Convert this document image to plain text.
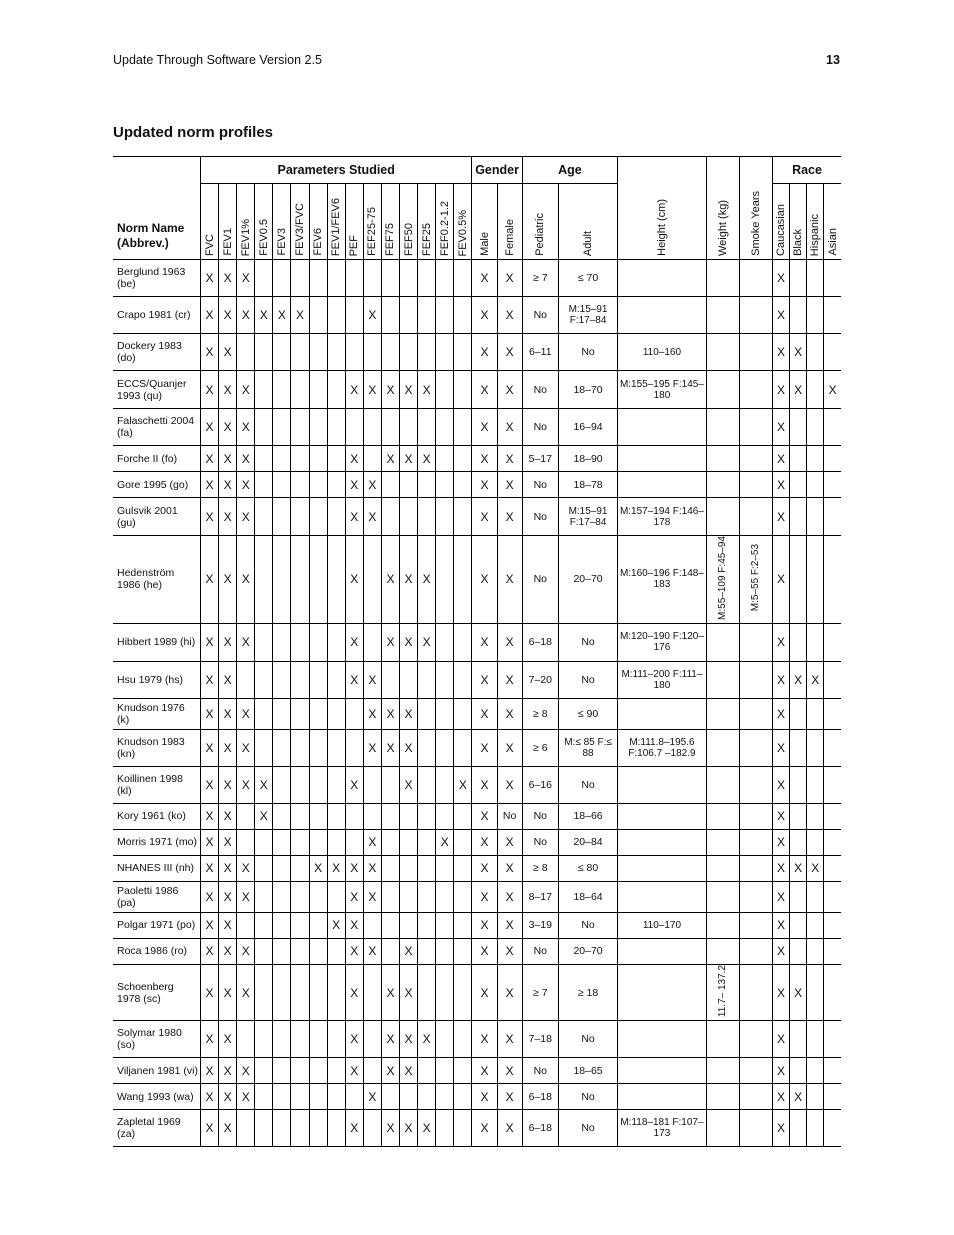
Update Through Software Version 2.5	13
Updated norm profiles
Norm Name (Abbrev.)	Parameters Studied															Gender		Age					Race			
	FVC	FEV1	FEV1%	FEV0.5	FEV3	FEV3/FVC	FEV6	FEV1/FEV6	PEF	FEF25-75	FEF75	FEF50	FEF25	FEF0.2-1.2	FEV0.5%	Male	Female	Pediatric	Adult	Height (cm)	Weight (kg)	Smoke Years	Caucasian	Black	Hispanic	Asian
Berglund 1963 (be)	X	X	X													X	X	≥ 7	≤ 70				X			
Crapo 1981 (cr)	X	X	X	X	X	X				X						X	X	No	M:15–91 F:17–84				X			
Dockery 1983 (do)	X	X														X	X	6–11	No	110–160			X	X		
ECCS/Quanjer 1993 (qu)	X	X	X						X	X	X	X	X			X	X	No	18–70	M:155–195 F:145–180			X	X		X
Falaschetti 2004 (fa)	X	X	X													X	X	No	16–94				X			
Forche II (fo)	X	X	X						X		X	X	X			X	X	5–17	18–90				X			
Gore 1995 (go)	X	X	X						X	X						X	X	No	18–78				X			
Gulsvik 2001 (gu)	X	X	X						X	X						X	X	No	M:15–91 F:17–84	M:157–194 F:146–178			X			
Hedenström 1986 (he)	X	X	X						X		X	X	X			X	X	No	20–70	M:160–196 F:148–183	M:55–109 F:45–94	M:5–55 F:2–53	X			
Hibbert 1989 (hi)	X	X	X						X		X	X	X			X	X	6–18	No	M:120–190 F:120–176			X			
Hsu 1979 (hs)	X	X							X	X						X	X	7–20	No	M:111–200 F:111–180			X	X	X	
Knudson 1976 (k)	X	X	X							X	X	X				X	X	≥ 8	≤ 90				X			
Knudson 1983 (kn)	X	X	X							X	X	X				X	X	≥ 6	M:≤ 85 F:≤ 88	M:111.8–195.6 F:106.7 –182.9			X			
Koillinen 1998 (kl)	X	X	X	X					X			X			X	X	X	6–16	No				X			
Kory 1961 (ko)	X	X		X												X	No	No	18–66				X			
Morris 1971 (mo)	X	X								X				X		X	X	No	20–84				X			
NHANES III (nh)	X	X	X				X	X	X	X						X	X	≥ 8	≤ 80				X	X	X	
Paoletti 1986 (pa)	X	X	X						X	X						X	X	8–17	18–64				X			
Polgar 1971 (po)	X	X						X	X							X	X	3–19	No	110–170			X			
Roca 1986 (ro)	X	X	X						X	X		X				X	X	No	20–70				X			
Schoenberg 1978 (sc)	X	X	X						X		X	X				X	X	≥ 7	≥ 18		11.7– 137.2		X	X		
Solymar 1980 (so)	X	X							X		X	X	X			X	X	7–18	No				X			
Viljanen 1981 (vi)	X	X	X						X		X	X				X	X	No	18–65				X			
Wang 1993 (wa)	X	X	X							X						X	X	6–18	No				X	X		
Zapletal 1969 (za)	X	X							X		X	X	X			X	X	6–18	No	M:118–181 F:107–173			X			
